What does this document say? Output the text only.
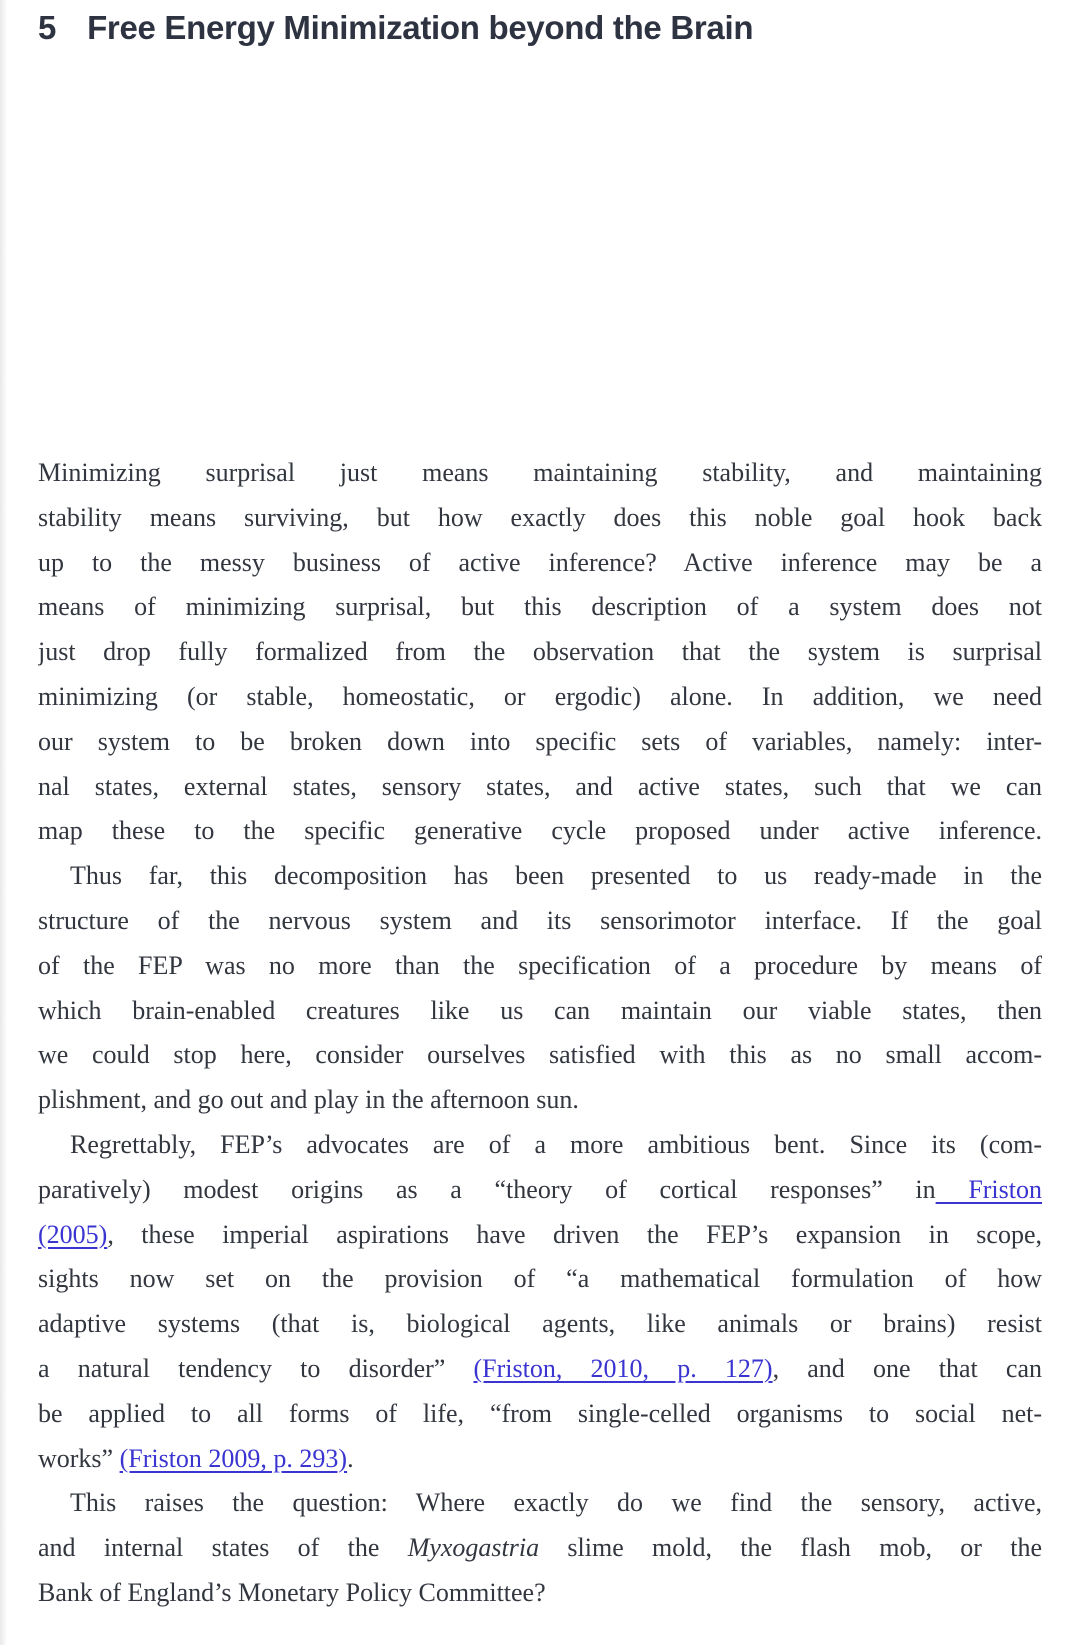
5 Free Energy Minimization beyond the Brain
Minimizing surprisal just means maintaining stability, and maintaining
stability means surviving, but how exactly does this noble goal hook back
up to the messy business of active inference? Active inference may be a
means of minimizing surprisal, but this description of a system does not
just drop fully formalized from the observation that the system is surprisal
minimizing (or stable, homeostatic, or ergodic) alone. In addition, we need
our system to be broken down into specific sets of variables, namely: inter-
nal states, external states, sensory states, and active states, such that we can
map these to the specific generative cycle proposed under active inference.
Thus far, this decomposition has been presented to us ready-made in the
structure of the nervous system and its sensorimotor interface. If the goal
of the FEP was no more than the specification of a procedure by means of
which brain-enabled creatures like us can maintain our viable states, then
we could stop here, consider ourselves satisfied with this as no small accom-
plishment, and go out and play in the afternoon sun.
Regrettably, FEP’s advocates are of a more ambitious bent. Since its (com-
paratively) modest origins as a “theory of cortical responses” in Friston
(2005), these imperial aspirations have driven the FEP’s expansion in scope,
sights now set on the provision of “a mathematical formulation of how
adaptive systems (that is, biological agents, like animals or brains) resist
a natural tendency to disorder” (Friston, 2010, p. 127), and one that can
be applied to all forms of life, “from single-celled organisms to social net-
works” (Friston 2009, p. 293).
This raises the question: Where exactly do we find the sensory, active,
and internal states of the Myxogastria slime mold, the flash mob, or the
Bank of England’s Monetary Policy Committee?
